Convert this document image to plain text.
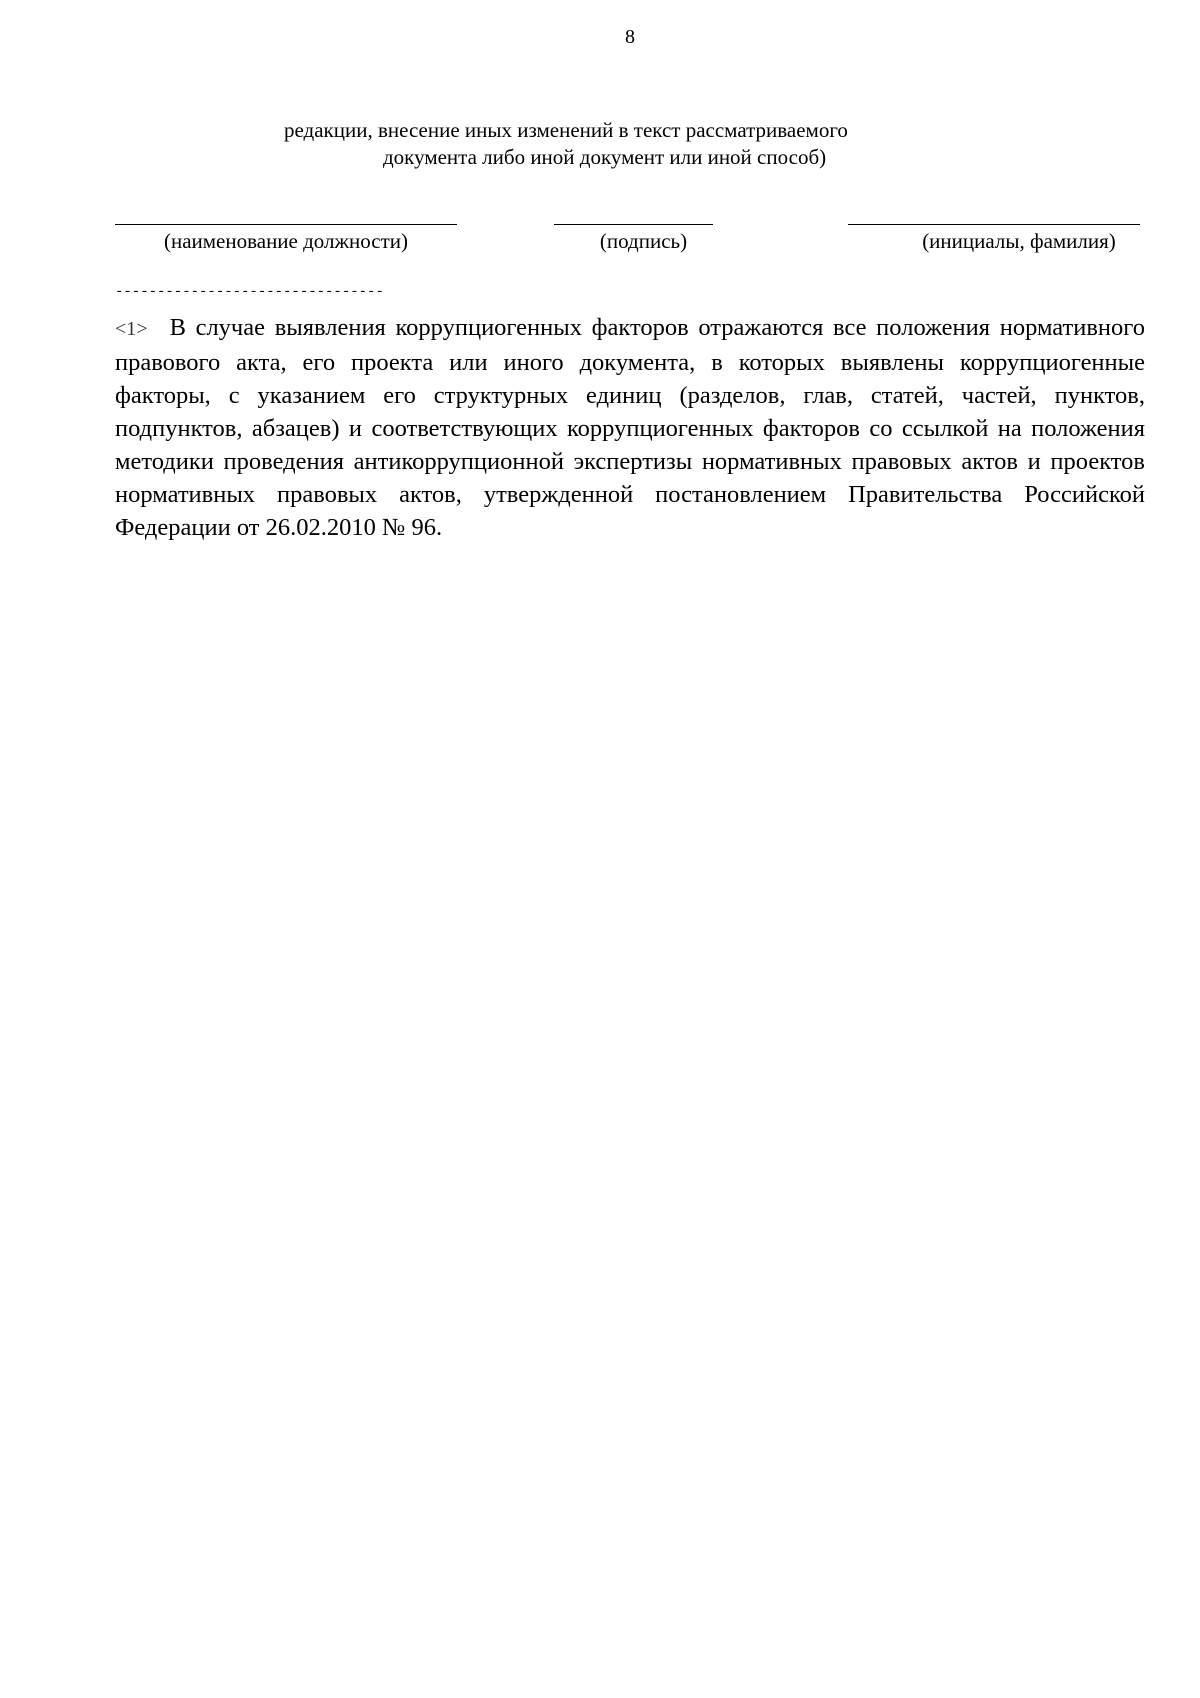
8
редакции, внесение иных изменений в текст рассматриваемого
документа либо иной документ или иной способ)
(наименование должности)	(подпись)	(инициалы, фамилия)
--------------------------------
<1> В случае выявления коррупциогенных факторов отражаются все положения нормативного правового акта, его проекта или иного документа, в которых выявлены коррупциогенные факторы, с указанием его структурных единиц (разделов, глав, статей, частей, пунктов, подпунктов, абзацев) и соответствующих коррупциогенных факторов со ссылкой на положения методики проведения антикоррупционной экспертизы нормативных правовых актов и проектов нормативных правовых актов, утвержденной постановлением Правительства Российской Федерации от 26.02.2010 № 96.
